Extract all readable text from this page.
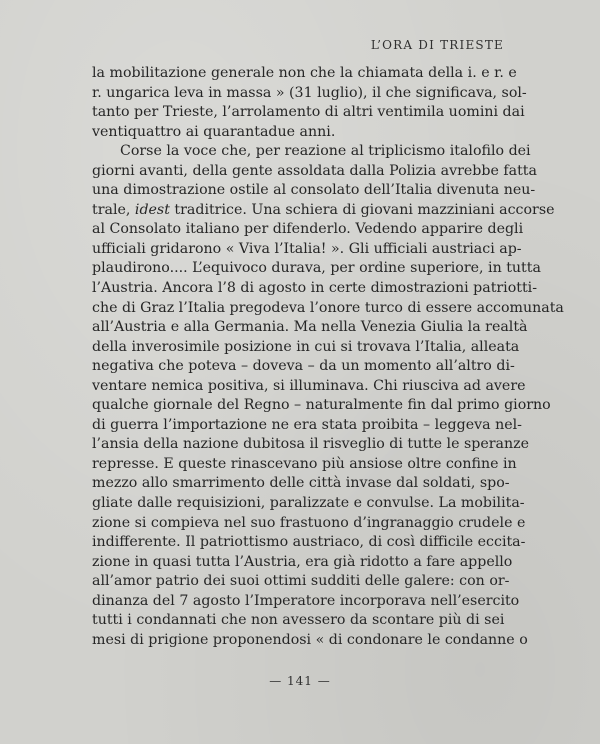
L’ORA DI TRIESTE
la mobilitazione generale non che la chiamata della i. e r. e
r. ungarica leva in massa » (31 luglio), il che significava, sol-
tanto per Trieste, l’arrolamento di altri ventimila uomini dai
ventiquattro ai quarantadue anni.
Corse la voce che, per reazione al triplicismo italofilo dei
giorni avanti, della gente assoldata dalla Polizia avrebbe fatta
una dimostrazione ostile al consolato dell’Italia divenuta neu-
trale, idest traditrice. Una schiera di giovani mazziniani accorse
al Consolato italiano per difenderlo. Vedendo apparire degli
ufficiali gridarono « Viva l’Italia! ». Gli ufficiali austriaci ap-
plaudirono.... L’equivoco durava, per ordine superiore, in tutta
l’Austria. Ancora l’8 di agosto in certe dimostrazioni patriotti-
che di Graz l’Italia pregodeva l’onore turco di essere accomunata
all’Austria e alla Germania. Ma nella Venezia Giulia la realtà
della inverosimile posizione in cui si trovava l’Italia, alleata
negativa che poteva – doveva – da un momento all’altro di-
ventare nemica positiva, si illuminava. Chi riusciva ad avere
qualche giornale del Regno – naturalmente fin dal primo giorno
di guerra l’importazione ne era stata proibita – leggeva nel-
l’ansia della nazione dubitosa il risveglio di tutte le speranze
represse. E queste rinascevano più ansiose oltre confine in
mezzo allo smarrimento delle città invase dal soldati, spo-
gliate dalle requisizioni, paralizzate e convulse. La mobilita-
zione si compieva nel suo frastuono d’ingranaggio crudele e
indifferente. Il patriottismo austriaco, di così difficile eccita-
zione in quasi tutta l’Austria, era già ridotto a fare appello
all’amor patrio dei suoi ottimi sudditi delle galere: con or-
dinanza del 7 agosto l’Imperatore incorporava nell’esercito
tutti i condannati che non avessero da scontare più di sei
mesi di prigione proponendosi « di condonare le condanne o
— 141 —
